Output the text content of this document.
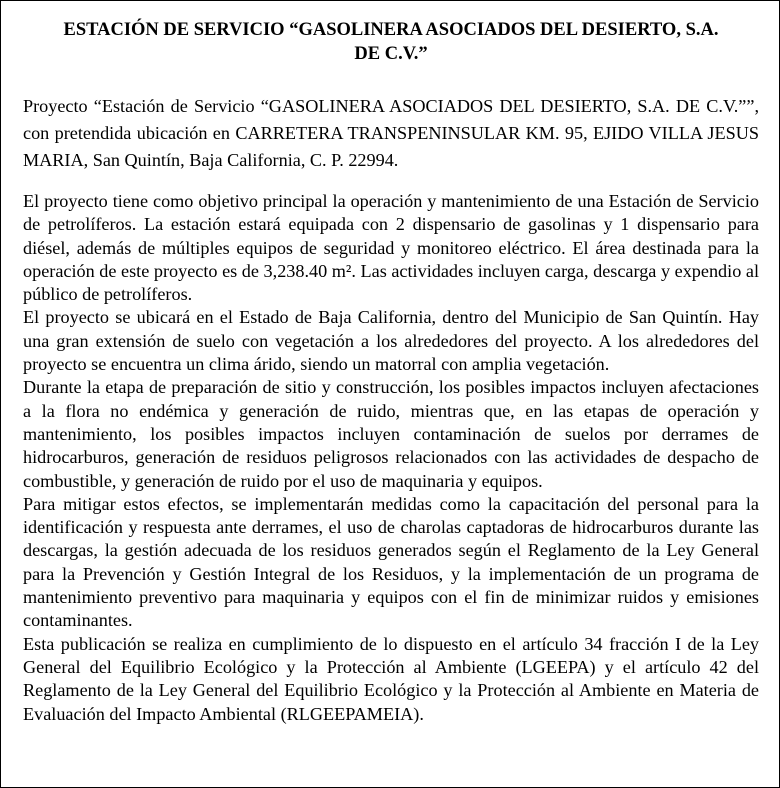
ESTACIÓN DE SERVICIO “GASOLINERA ASOCIADOS DEL DESIERTO, S.A. DE C.V.”

Proyecto “Estación de Servicio “GASOLINERA ASOCIADOS DEL DESIERTO, S.A. DE C.V.””, con pretendida ubicación en CARRETERA TRANSPENINSULAR KM. 95, EJIDO VILLA JESUS MARIA, San Quintín, Baja California, C. P. 22994.

El proyecto tiene como objetivo principal la operación y mantenimiento de una Estación de Servicio de petrolíferos. La estación estará equipada con 2 dispensario de gasolinas y 1 dispensario para diésel, además de múltiples equipos de seguridad y monitoreo eléctrico. El área destinada para la operación de este proyecto es de 3,238.40 m². Las actividades incluyen carga, descarga y expendio al público de petrolíferos.

El proyecto se ubicará en el Estado de Baja California, dentro del Municipio de San Quintín. Hay una gran extensión de suelo con vegetación a los alrededores del proyecto. A los alrededores del proyecto se encuentra un clima árido, siendo un matorral con amplia vegetación.

Durante la etapa de preparación de sitio y construcción, los posibles impactos incluyen afectaciones a la flora no endémica y generación de ruido, mientras que, en las etapas de operación y mantenimiento, los posibles impactos incluyen contaminación de suelos por derrames de hidrocarburos, generación de residuos peligrosos relacionados con las actividades de despacho de combustible, y generación de ruido por el uso de maquinaria y equipos.

Para mitigar estos efectos, se implementarán medidas como la capacitación del personal para la identificación y respuesta ante derrames, el uso de charolas captadoras de hidrocarburos durante las descargas, la gestión adecuada de los residuos generados según el Reglamento de la Ley General para la Prevención y Gestión Integral de los Residuos, y la implementación de un programa de mantenimiento preventivo para maquinaria y equipos con el fin de minimizar ruidos y emisiones contaminantes.

Esta publicación se realiza en cumplimiento de lo dispuesto en el artículo 34 fracción I de la Ley General del Equilibrio Ecológico y la Protección al Ambiente (LGEEPA) y el artículo 42 del Reglamento de la Ley General del Equilibrio Ecológico y la Protección al Ambiente en Materia de Evaluación del Impacto Ambiental (RLGEEPAMEIA).
